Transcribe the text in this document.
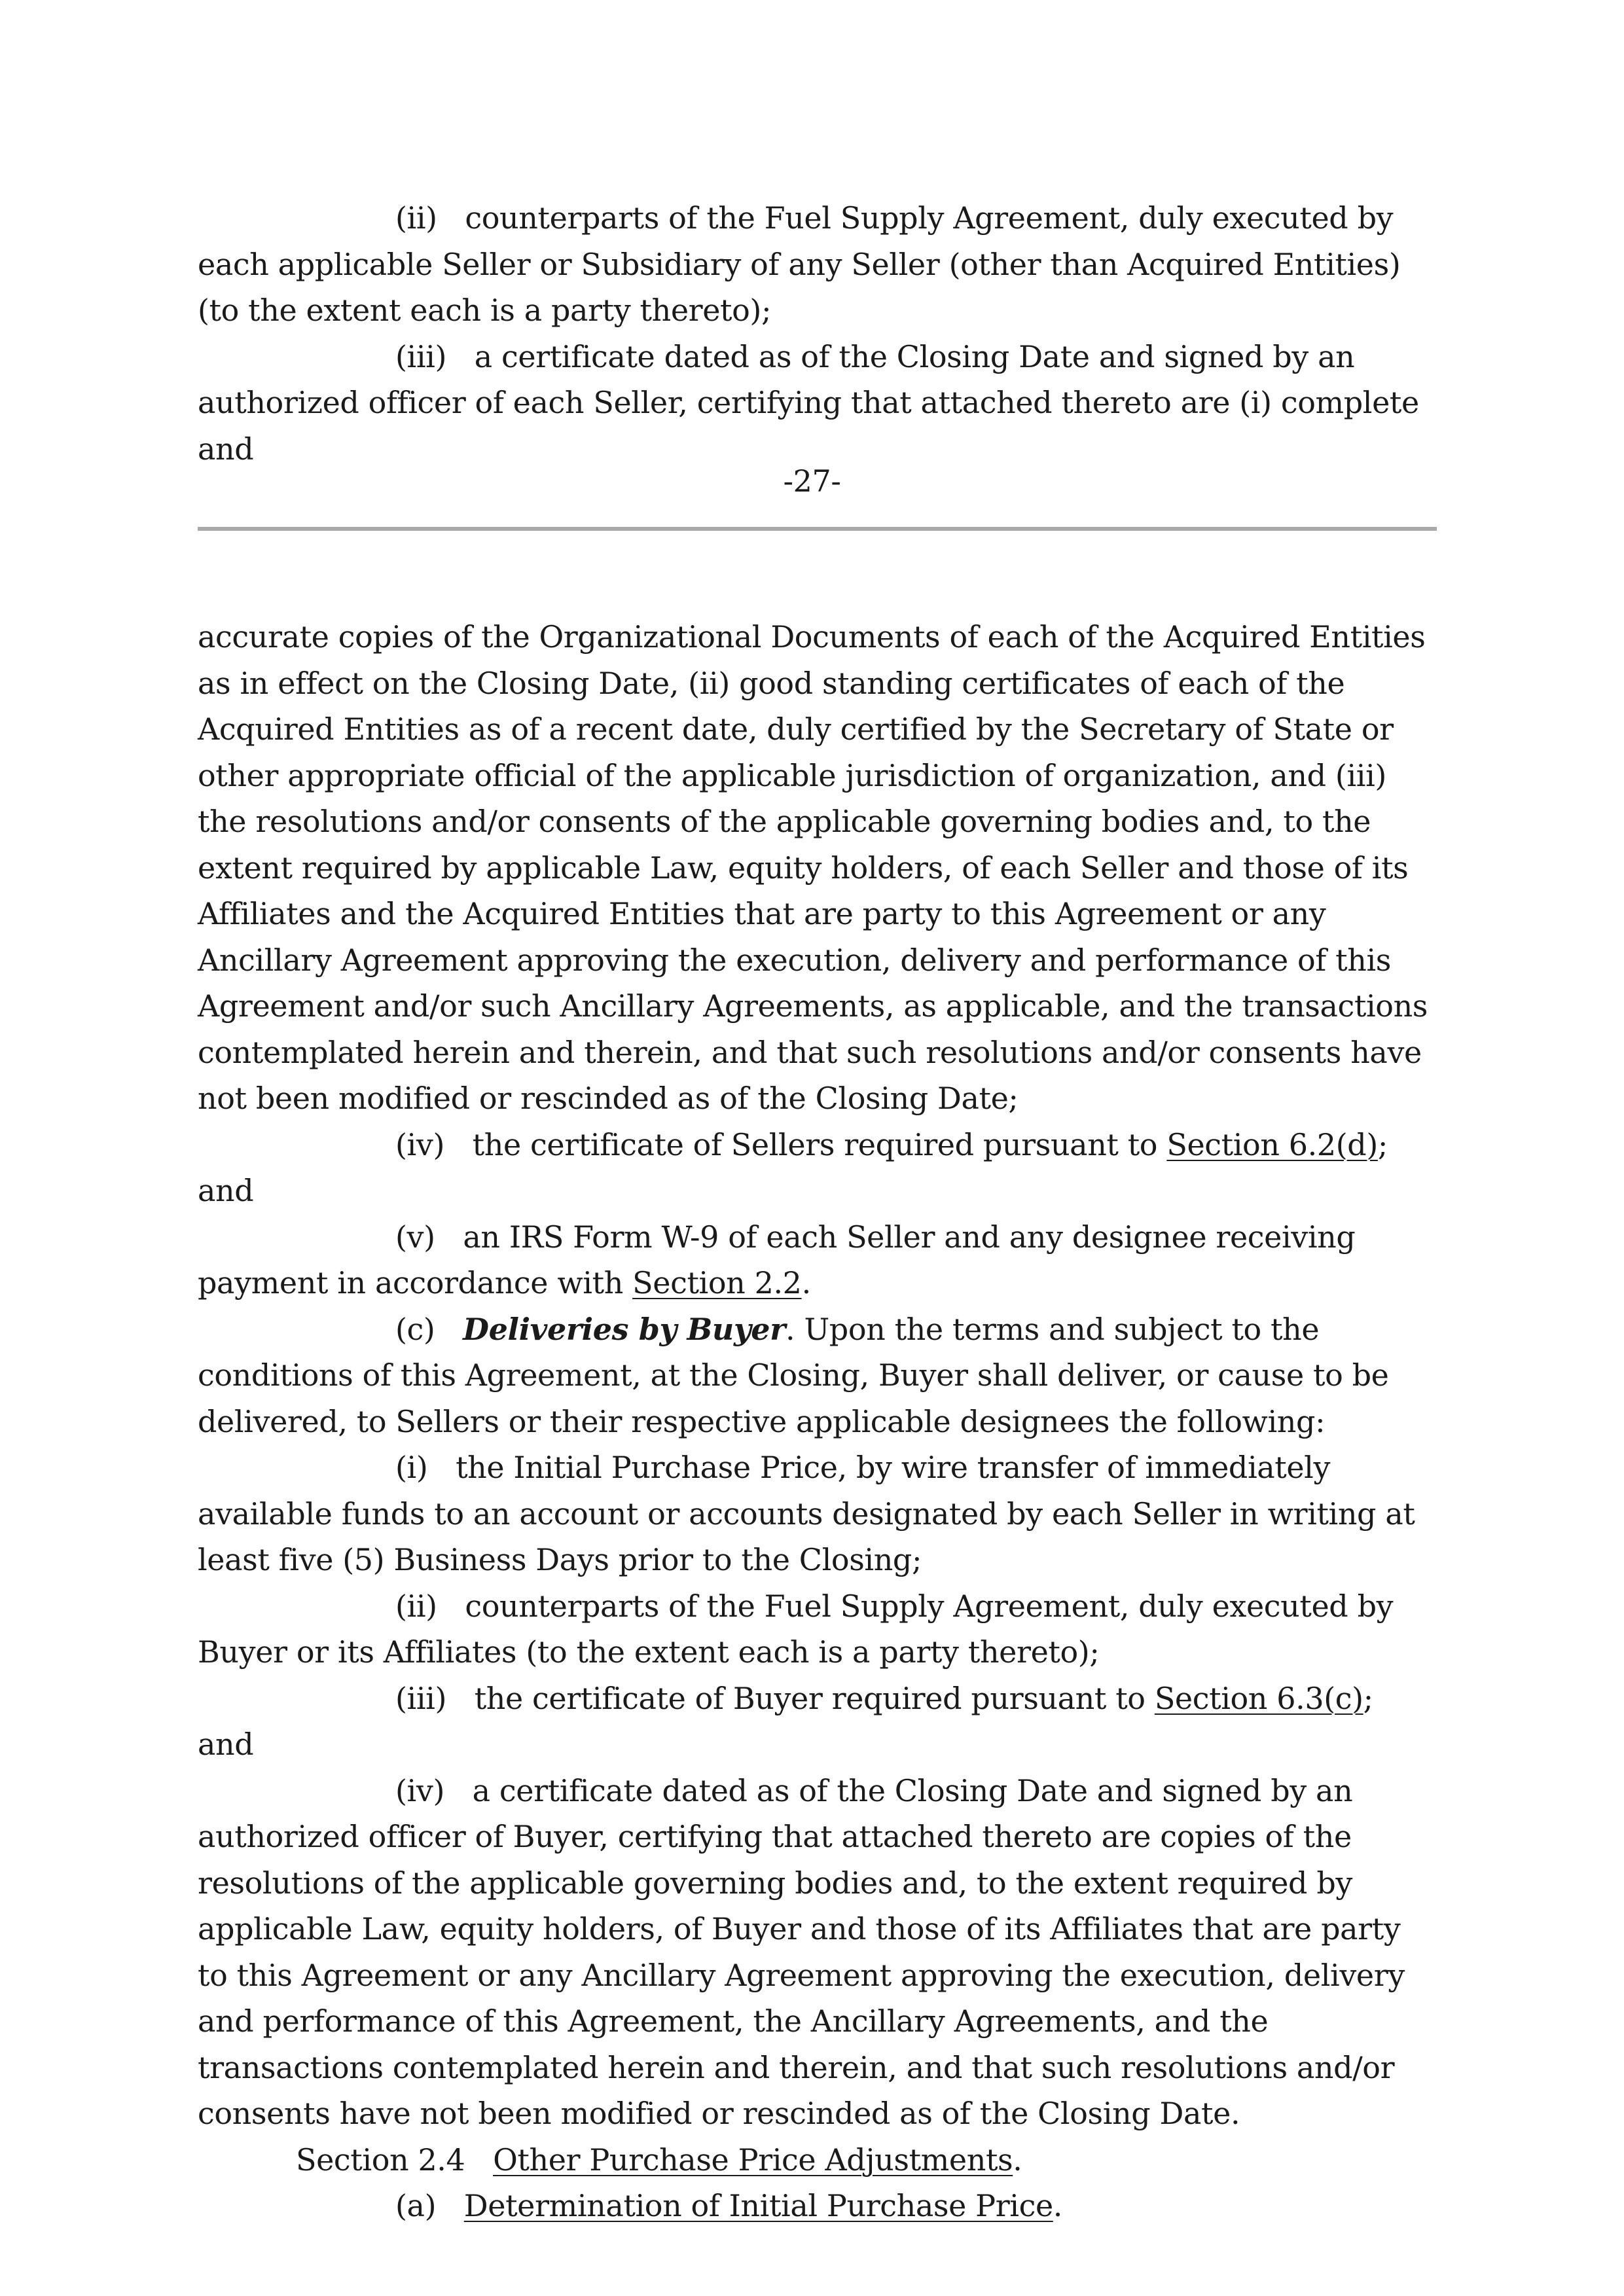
(ii) counterparts of the Fuel Supply Agreement, duly executed by each applicable Seller or Subsidiary of any Seller (other than Acquired Entities) (to the extent each is a party thereto);

(iii) a certificate dated as of the Closing Date and signed by an authorized officer of each Seller, certifying that attached thereto are (i) complete and

-27-

accurate copies of the Organizational Documents of each of the Acquired Entities as in effect on the Closing Date, (ii) good standing certificates of each of the Acquired Entities as of a recent date, duly certified by the Secretary of State or other appropriate official of the applicable jurisdiction of organization, and (iii) the resolutions and/or consents of the applicable governing bodies and, to the extent required by applicable Law, equity holders, of each Seller and those of its Affiliates and the Acquired Entities that are party to this Agreement or any Ancillary Agreement approving the execution, delivery and performance of this Agreement and/or such Ancillary Agreements, as applicable, and the transactions contemplated herein and therein, and that such resolutions and/or consents have not been modified or rescinded as of the Closing Date;

(iv) the certificate of Sellers required pursuant to Section 6.2(d); and

(v) an IRS Form W-9 of each Seller and any designee receiving payment in accordance with Section 2.2.

(c) Deliveries by Buyer. Upon the terms and subject to the conditions of this Agreement, at the Closing, Buyer shall deliver, or cause to be delivered, to Sellers or their respective applicable designees the following:

(i) the Initial Purchase Price, by wire transfer of immediately available funds to an account or accounts designated by each Seller in writing at least five (5) Business Days prior to the Closing;

(ii) counterparts of the Fuel Supply Agreement, duly executed by Buyer or its Affiliates (to the extent each is a party thereto);

(iii) the certificate of Buyer required pursuant to Section 6.3(c); and

(iv) a certificate dated as of the Closing Date and signed by an authorized officer of Buyer, certifying that attached thereto are copies of the resolutions of the applicable governing bodies and, to the extent required by applicable Law, equity holders, of Buyer and those of its Affiliates that are party to this Agreement or any Ancillary Agreement approving the execution, delivery and performance of this Agreement, the Ancillary Agreements, and the transactions contemplated herein and therein, and that such resolutions and/or consents have not been modified or rescinded as of the Closing Date.

Section 2.4 Other Purchase Price Adjustments.

(a) Determination of Initial Purchase Price.
